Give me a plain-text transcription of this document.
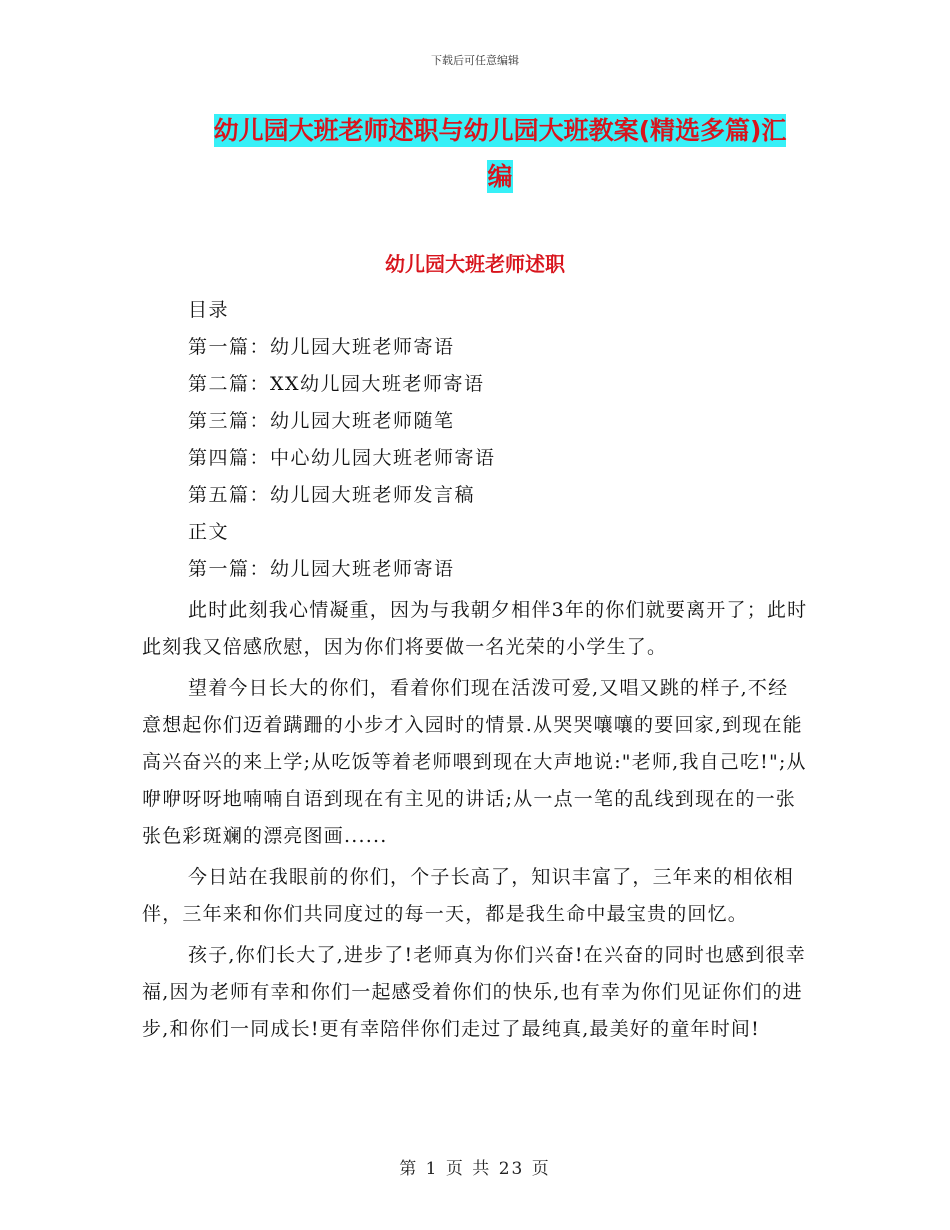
下载后可任意编辑
幼儿园大班老师述职与幼儿园大班教案(精选多篇)汇
编
幼儿园大班老师述职
目录
第一篇：幼儿园大班老师寄语
第二篇：XX幼儿园大班老师寄语
第三篇：幼儿园大班老师随笔
第四篇：中心幼儿园大班老师寄语
第五篇：幼儿园大班老师发言稿
正文
第一篇：幼儿园大班老师寄语

此时此刻我心情凝重，因为与我朝夕相伴3年的你们就要离开了；此时此刻我又倍感欣慰，因为你们将要做一名光荣的小学生了。

望着今日长大的你们，看着你们现在活泼可爱,又唱又跳的样子,不经意想起你们迈着蹒跚的小步才入园时的情景.从哭哭嚷嚷的要回家,到现在能高兴奋兴的来上学;从吃饭等着老师喂到现在大声地说:"老师,我自己吃!";从咿咿呀呀地喃喃自语到现在有主见的讲话;从一点一笔的乱线到现在的一张张色彩斑斓的漂亮图画......

今日站在我眼前的你们，个子长高了，知识丰富了，三年来的相依相伴，三年来和你们共同度过的每一天，都是我生命中最宝贵的回忆。

孩子,你们长大了,进步了!老师真为你们兴奋!在兴奋的同时也感到很幸福,因为老师有幸和你们一起感受着你们的快乐,也有幸为你们见证你们的进步,和你们一同成长!更有幸陪伴你们走过了最纯真,最美好的童年时间!

第 1 页 共 23 页
